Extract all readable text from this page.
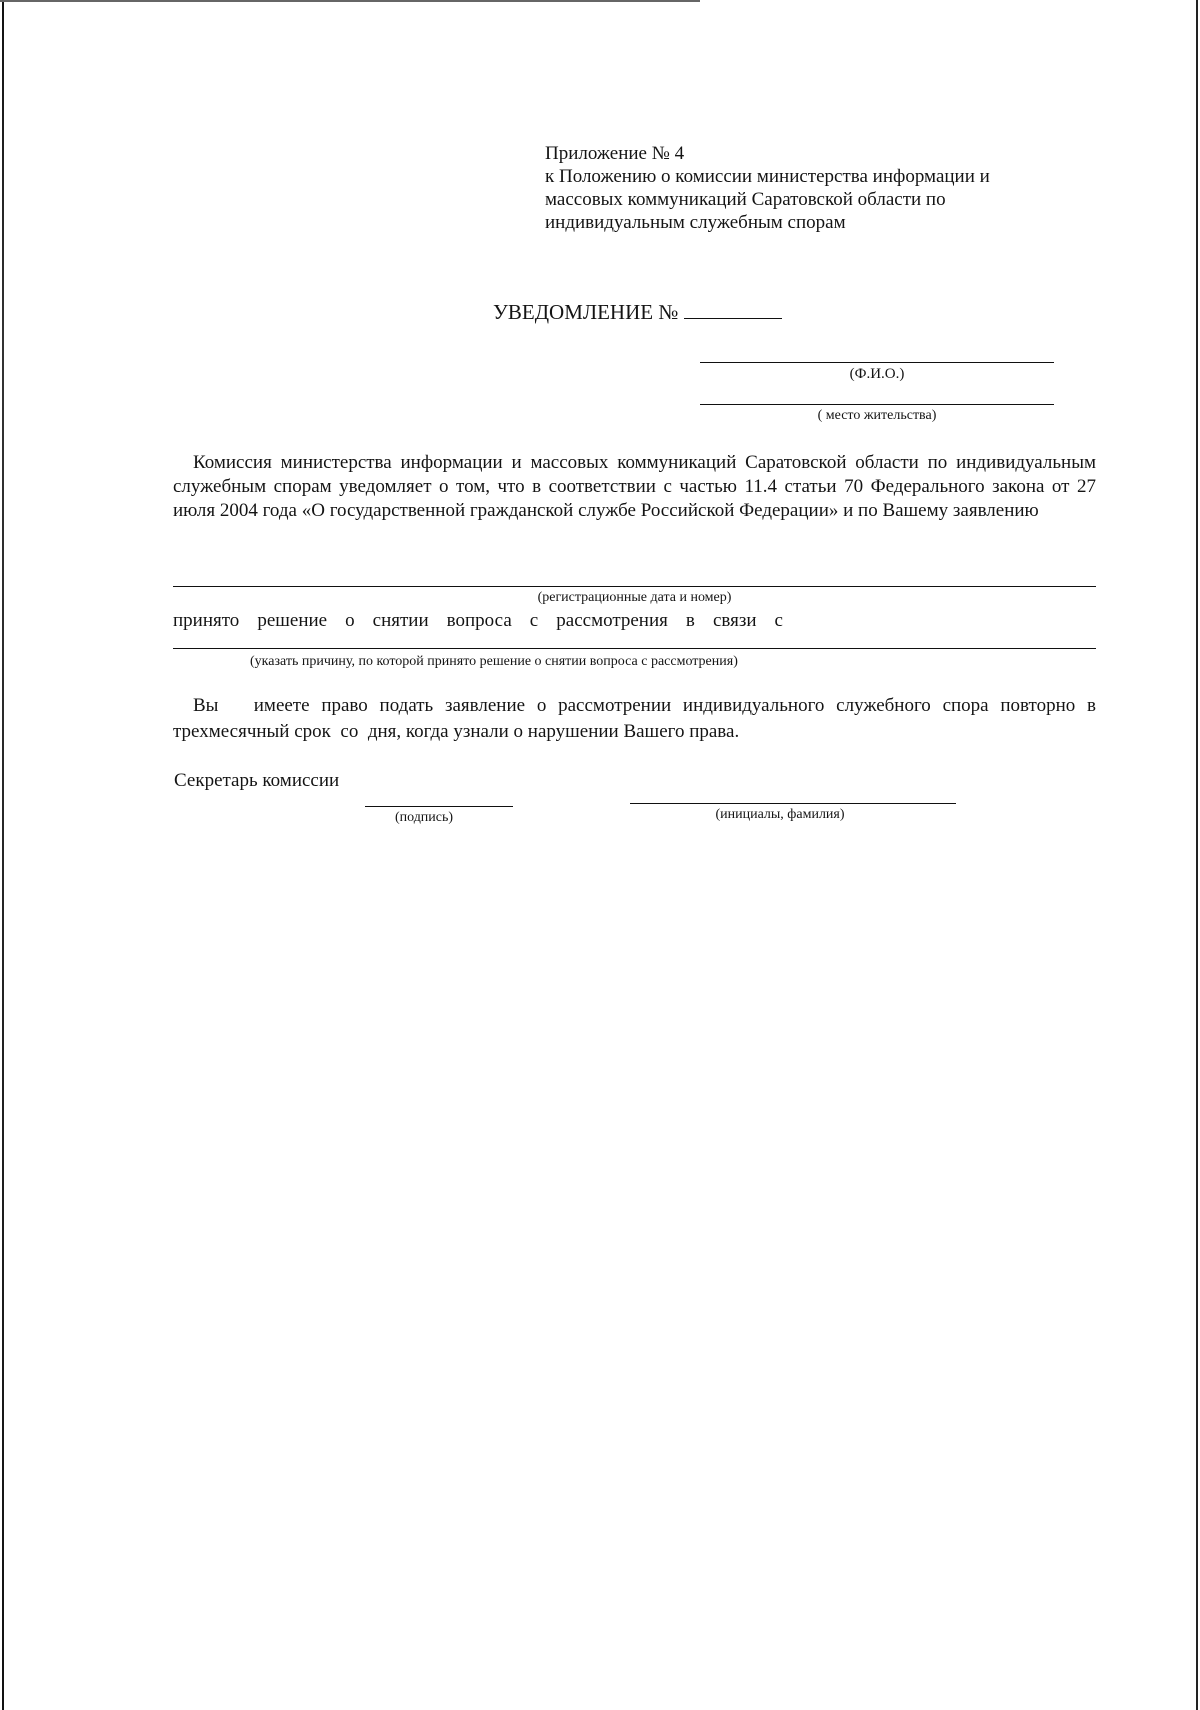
Приложение № 4
к Положению о комиссии министерства информации и
массовых коммуникаций Саратовской области по
индивидуальным служебным спорам
УВЕДОМЛЕНИЕ №
(Ф.И.О.)
( место жительства)
Комиссия министерства информации и массовых коммуникаций Саратовской области по индивидуальным служебным спорам уведомляет о том, что в соответствии с частью 11.4 статьи 70 Федерального закона от 27 июля 2004 года «О государственной гражданской службе Российской Федерации» и по Вашему заявлению
(регистрационные дата и номер)
принято решение о снятии вопроса с рассмотрения в связи с
(указать причину, по которой принято решение о снятии вопроса с рассмотрения)
Вы   имеете право подать заявление о рассмотрении индивидуального служебного спора повторно в трехмесячный срок  со  дня, когда узнали о нарушении Вашего права.
Секретарь комиссии
(подпись)	(инициалы, фамилия)
